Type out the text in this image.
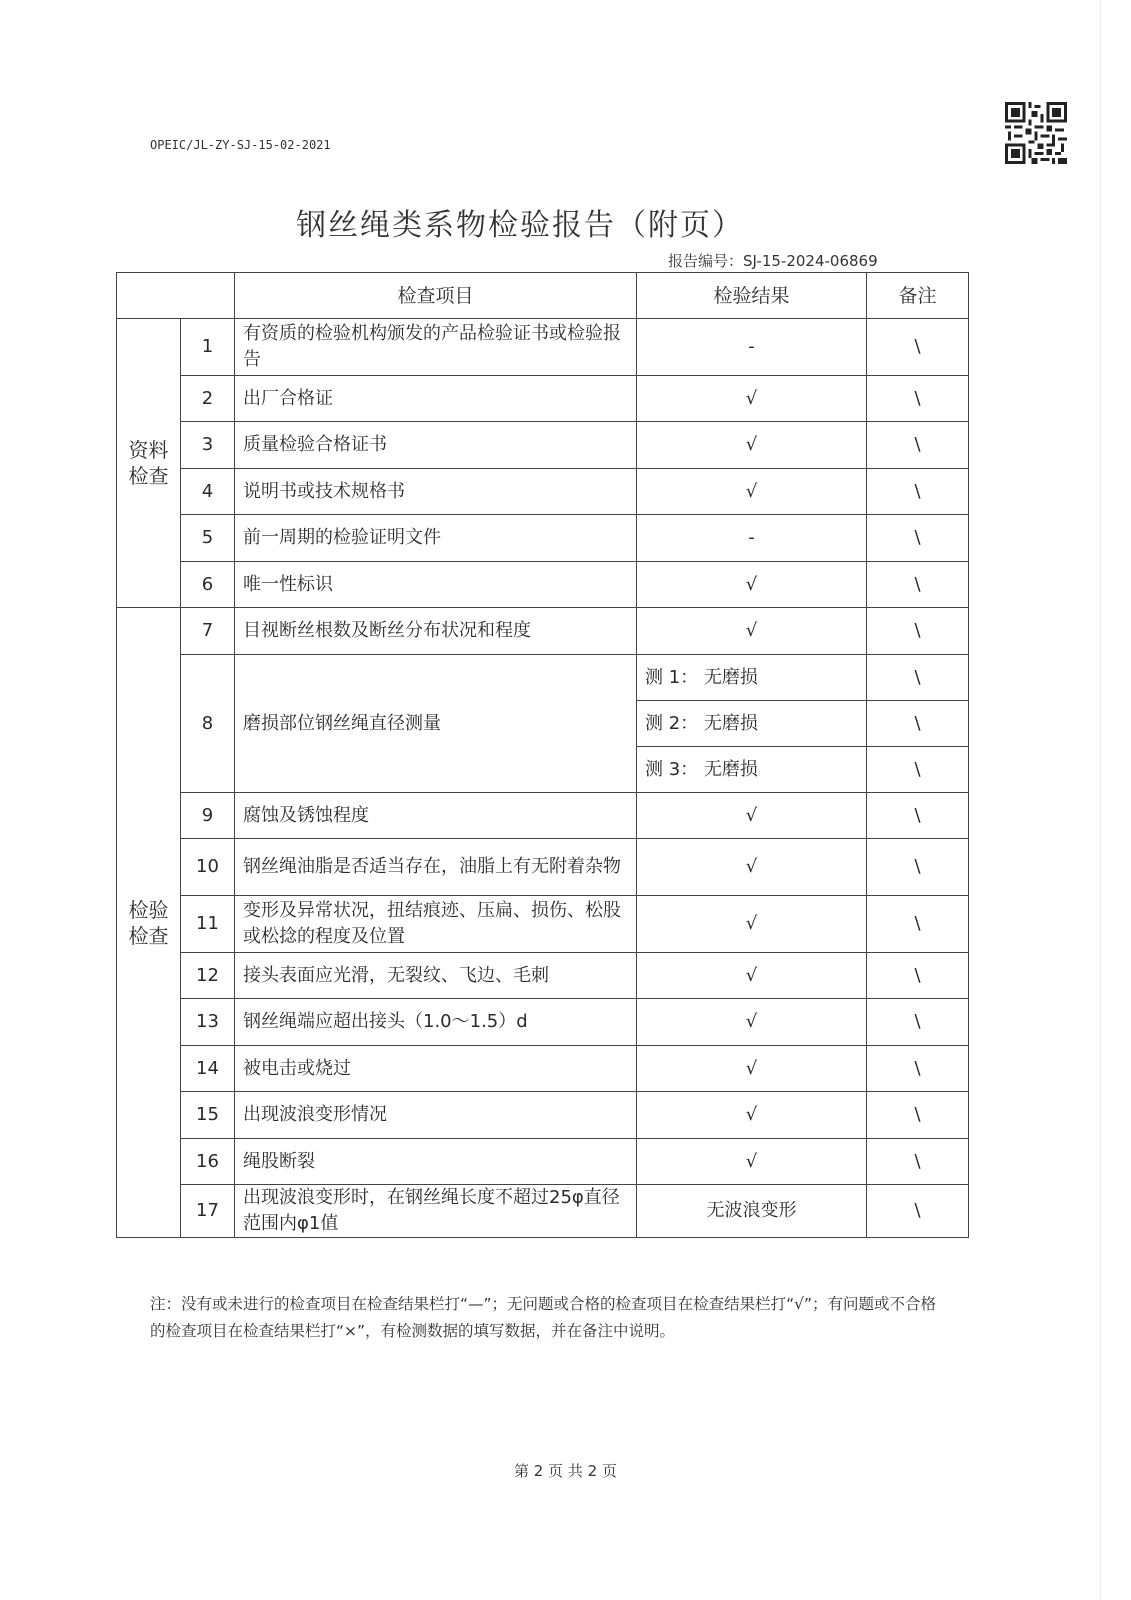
OPEIC/JL-ZY-SJ-15-02-2021
钢丝绳类系物检验报告（附页）
报告编号：SJ-15-2024-06869
		检查项目	检验结果	备注
资料
检查	1	有资质的检验机构颁发的产品检验证书或检验报告	-	\
	2	出厂合格证	√	\
	3	质量检验合格证书	√	\
	4	说明书或技术规格书	√	\
	5	前一周期的检验证明文件	-	\
	6	唯一性标识	√	\
检验
检查	7	目视断丝根数及断丝分布状况和程度	√	\
	8	磨损部位钢丝绳直径测量	测 1： 无磨损	\
			测 2： 无磨损	\
			测 3： 无磨损	\
	9	腐蚀及锈蚀程度	√	\
	10	钢丝绳油脂是否适当存在，油脂上有无附着杂物	√	\
	11	变形及异常状况，扭结痕迹、压扁、损伤、松股或松捻的程度及位置	√	\
	12	接头表面应光滑，无裂纹、飞边、毛刺	√	\
	13	钢丝绳端应超出接头（1.0～1.5）d	√	\
	14	被电击或烧过	√	\
	15	出现波浪变形情况	√	\
	16	绳股断裂	√	\
	17	出现波浪变形时，在钢丝绳长度不超过25φ直径范围内φ1值	无波浪变形	\
注：没有或未进行的检查项目在检查结果栏打“—”；无问题或合格的检查项目在检查结果栏打“√”；有问题或不合格的检查项目在检查结果栏打“×”，有检测数据的填写数据，并在备注中说明。
第 2 页 共 2 页
